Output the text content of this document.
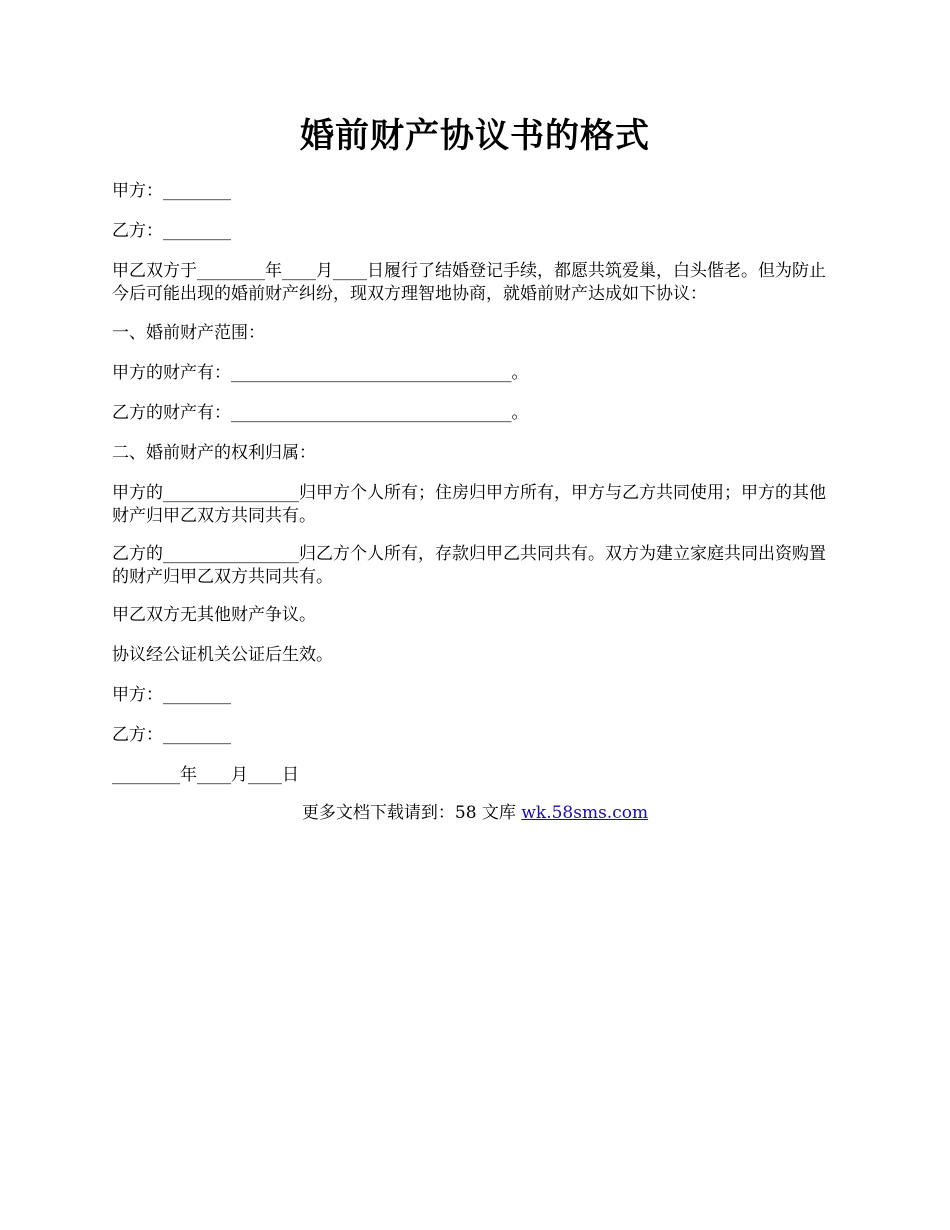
婚前财产协议书的格式
甲方：________
乙方：________
甲乙双方于________年____月____日履行了结婚登记手续，都愿共筑爱巢，白头偕老。但为防止今后可能出现的婚前财产纠纷，现双方理智地协商，就婚前财产达成如下协议：
一、婚前财产范围：
甲方的财产有：_________________________________。
乙方的财产有：_________________________________。
二、婚前财产的权利归属：
甲方的________________归甲方个人所有；住房归甲方所有，甲方与乙方共同使用；甲方的其他财产归甲乙双方共同共有。
乙方的________________归乙方个人所有，存款归甲乙共同共有。双方为建立家庭共同出资购置的财产归甲乙双方共同共有。
甲乙双方无其他财产争议。
协议经公证机关公证后生效。
甲方：________
乙方：________
________年____月____日
更多文档下载请到：58 文库 wk.58sms.com
